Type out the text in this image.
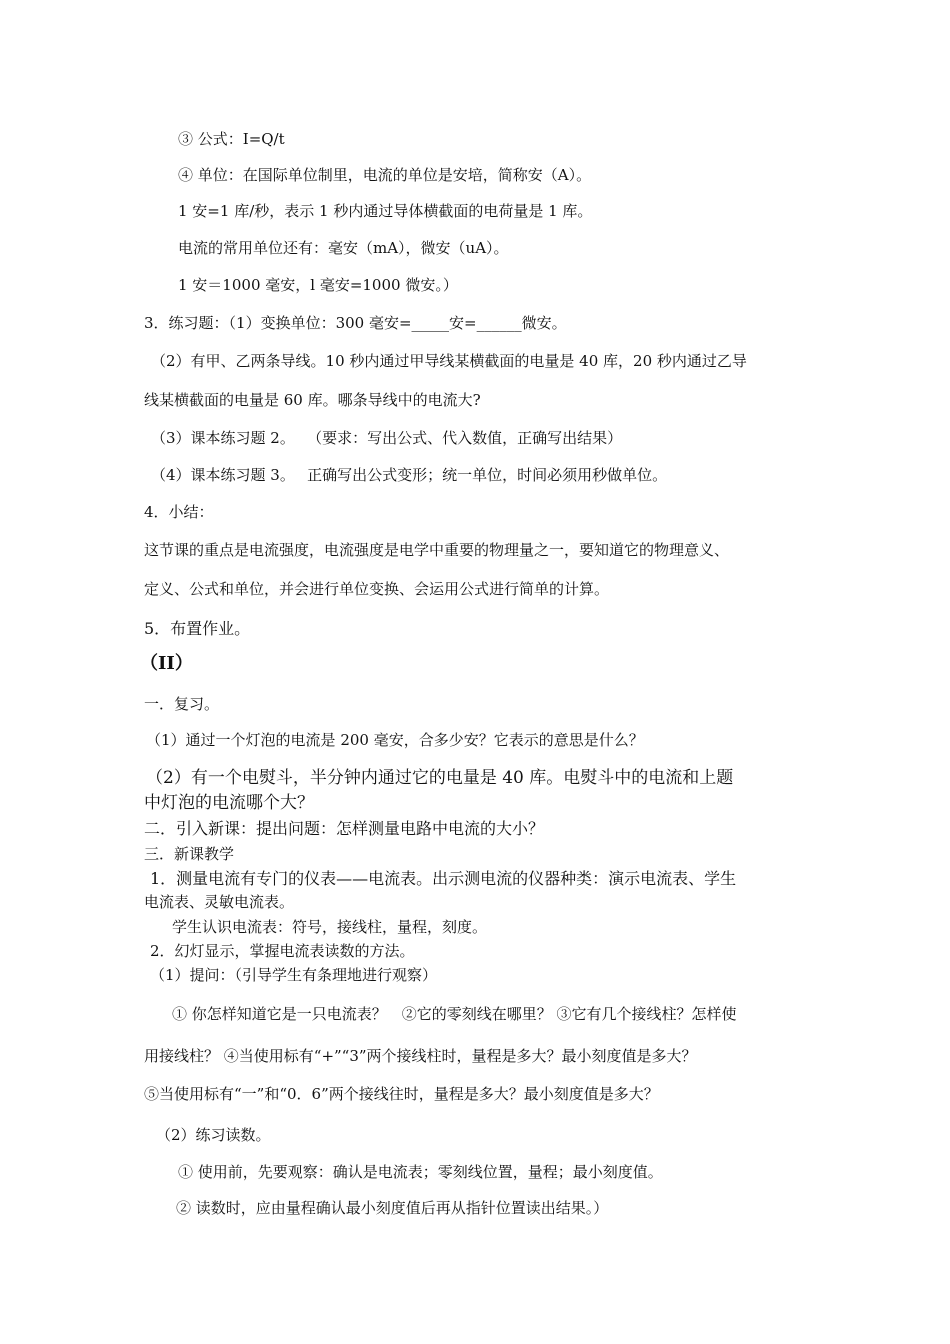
③ 公式：I=Q/t
④ 单位：在国际单位制里，电流的单位是安培，简称安（A）。
1 安=1 库/秒，表示 1 秒内通过导体横截面的电荷量是 1 库。
电流的常用单位还有：毫安（mA），微安（uA）。
1 安＝1000 毫安，l 毫安=1000 微安。）
3．练习题：（1）变换单位：300 毫安=_____安=______微安。
（2）有甲、乙两条导线。10 秒内通过甲导线某横截面的电量是 40 库，20 秒内通过乙导
线某横截面的电量是 60 库。哪条导线中的电流大?
（3）课本练习题 2。　 （要求：写出公式、代入数值，正确写出结果）
（4）课本练习题 3。　 正确写出公式变形；统一单位，时间必须用秒做单位。
4．小结：
这节课的重点是电流强度，电流强度是电学中重要的物理量之一，要知道它的物理意义、
定义、公式和单位，并会进行单位变换、会运用公式进行简单的计算。
5．布置作业。
（II）
一．复习。
（1）通过一个灯泡的电流是 200 毫安，合多少安？它表示的意思是什么？
（2）有一个电熨斗，半分钟内通过它的电量是 40 库。电熨斗中的电流和上题
中灯泡的电流哪个大？
二．引入新课：提出问题：怎样测量电路中电流的大小？
三．新课教学
1．测量电流有专门的仪表——电流表。出示测电流的仪器种类：演示电流表、学生
电流表、灵敏电流表。
学生认识电流表：符号，接线柱，量程，刻度。
2．幻灯显示，掌握电流表读数的方法。
（1）提问：（引导学生有条理地进行观察）
① 你怎样知道它是一只电流表？　②它的零刻线在哪里？ ③它有几个接线柱？怎样使
用接线柱？ ④当使用标有“+”“3”两个接线柱时，量程是多大？最小刻度值是多大？
⑤当使用标有“一”和“0．6”两个接线往时，量程是多大？最小刻度值是多大？
（2）练习读数。
① 使用前，先要观察：确认是电流表；零刻线位置，量程；最小刻度值。
② 读数时，应由量程确认最小刻度值后再从指针位置读出结果。）
